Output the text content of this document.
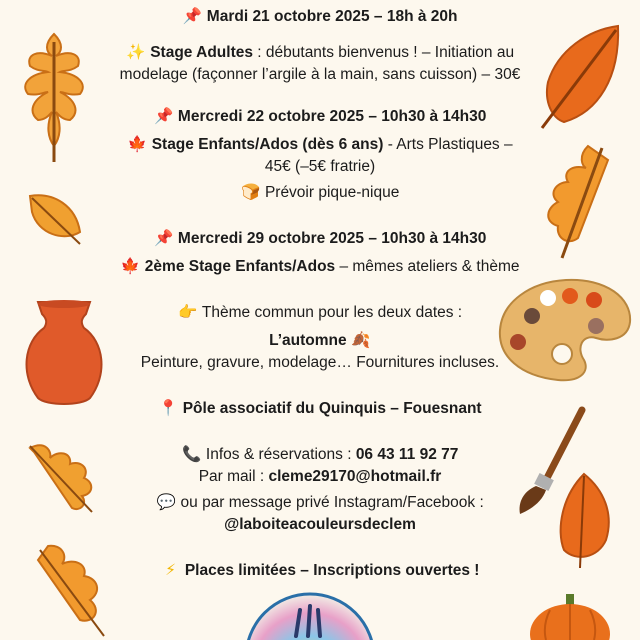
📌 Mardi 21 octobre 2025 – 18h à 20h

✨ Stage Adultes : débutants bienvenus ! – Initiation au

modelage (façonner l’argile à la main, sans cuisson) – 30€

📌 Mercredi 22 octobre 2025 – 10h30 à 14h30

🍁 Stage Enfants/Ados (dès 6 ans) - Arts Plastiques –

45€ (–5€ fratrie)

🍞 Prévoir pique-nique

📌 Mercredi 29 octobre 2025 – 10h30 à 14h30

🍁 2ème Stage Enfants/Ados – mêmes ateliers & thème

👉 Thème commun pour les deux dates :

L’automne 🍂

Peinture, gravure, modelage… Fournitures incluses.

📍 Pôle associatif du Quinquis – Fouesnant

📞 Infos & réservations : 06 43 11 92 77

Par mail : cleme29170@hotmail.fr

💬 ou par message privé Instagram/Facebook :

@laboiteacouleursdeclem

⚡ Places limitées – Inscriptions ouvertes !
